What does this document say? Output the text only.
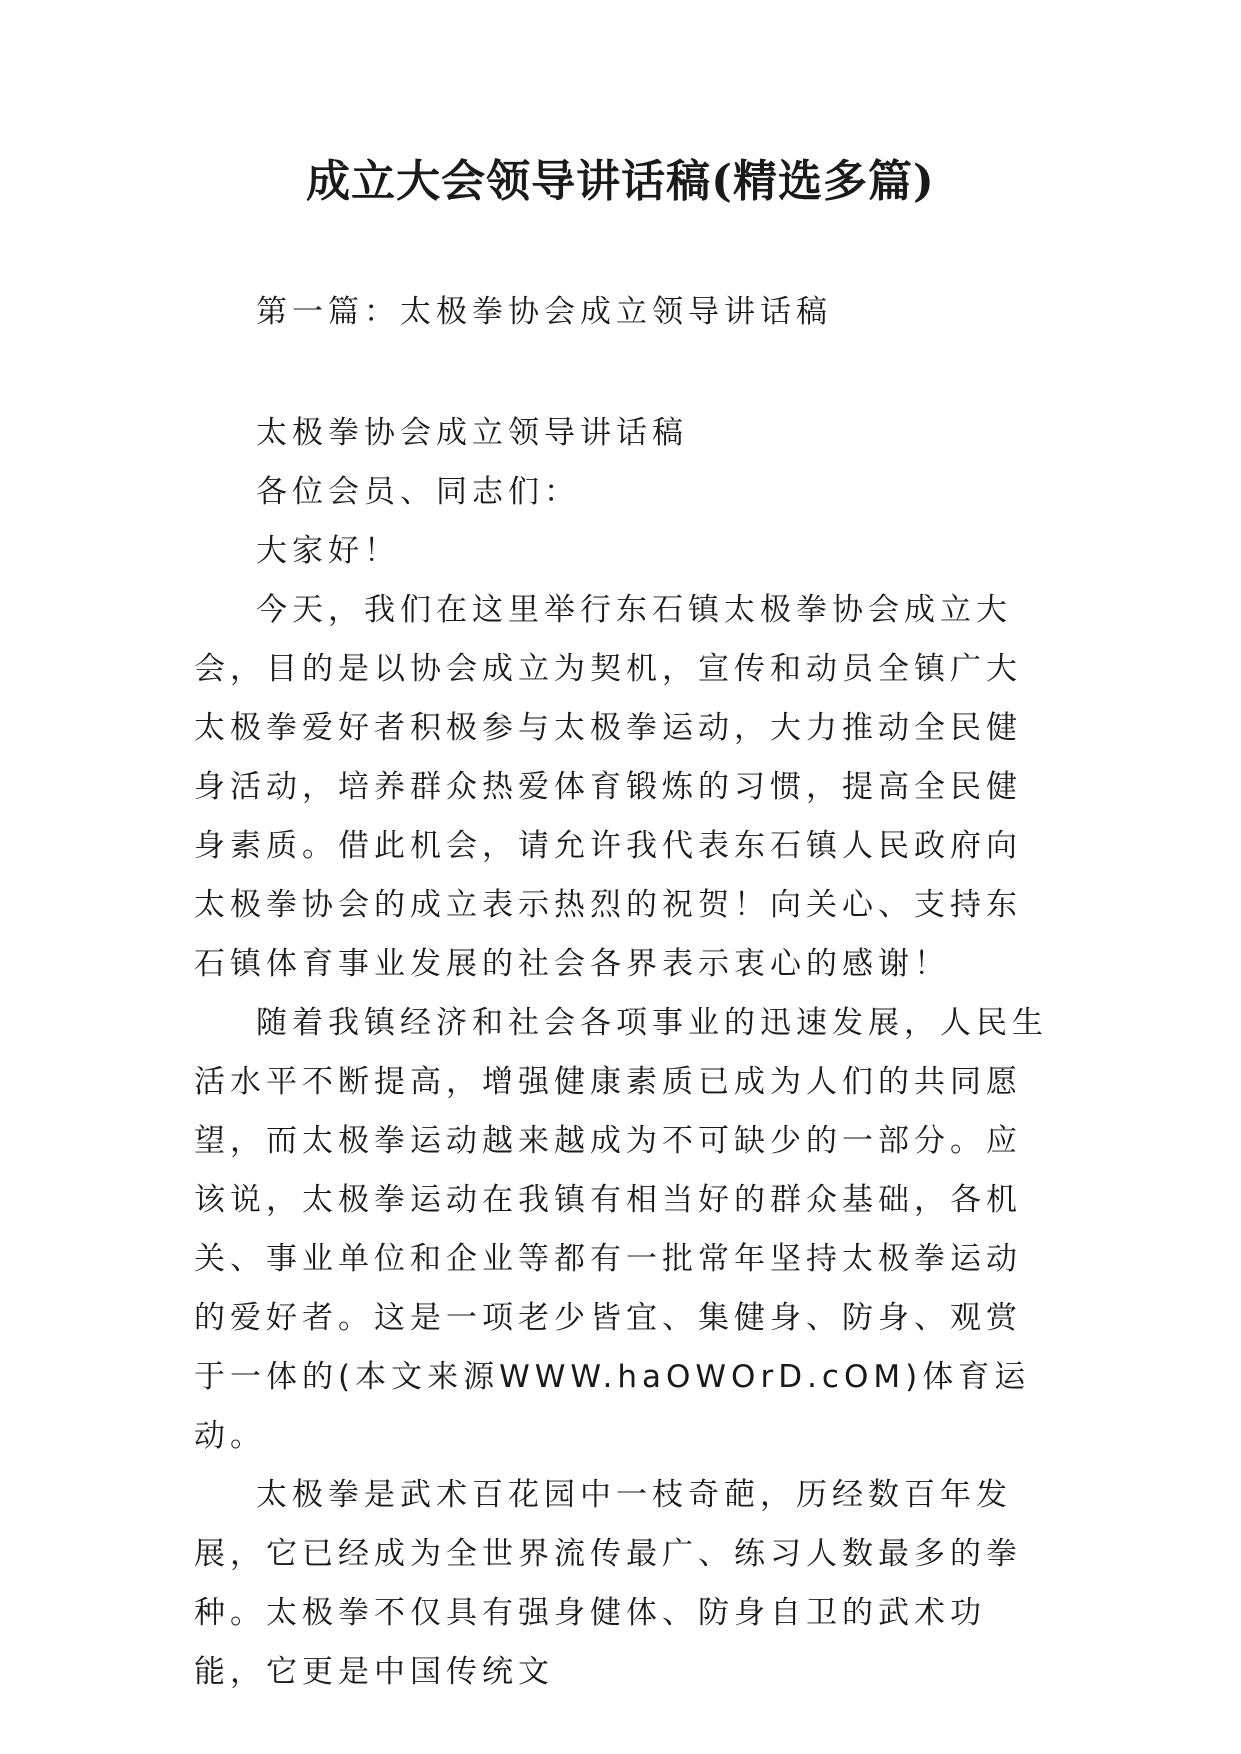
成立大会领导讲话稿(精选多篇)
第一篇：太极拳协会成立领导讲话稿

太极拳协会成立领导讲话稿

各位会员、同志们：

大家好！

今天，我们在这里举行东石镇太极拳协会成立大会，目的是以协会成立为契机，宣传和动员全镇广大太极拳爱好者积极参与太极拳运动，大力推动全民健身活动，培养群众热爱体育锻炼的习惯，提高全民健身素质。借此机会，请允许我代表东石镇人民政府向太极拳协会的成立表示热烈的祝贺！向关心、支持东石镇体育事业发展的社会各界表示衷心的感谢！

随着我镇经济和社会各项事业的迅速发展，人民生活水平不断提高，增强健康素质已成为人们的共同愿望，而太极拳运动越来越成为不可缺少的一部分。应该说，太极拳运动在我镇有相当好的群众基础，各机关、事业单位和企业等都有一批常年坚持太极拳运动的爱好者。这是一项老少皆宜、集健身、防身、观赏于一体的(本文来源WWW.haOWOrD.cOM)体育运动。

太极拳是武术百花园中一枝奇葩，历经数百年发展，它已经成为全世界流传最广、练习人数最多的拳种。太极拳不仅具有强身健体、防身自卫的武术功能，它更是中国传统文
